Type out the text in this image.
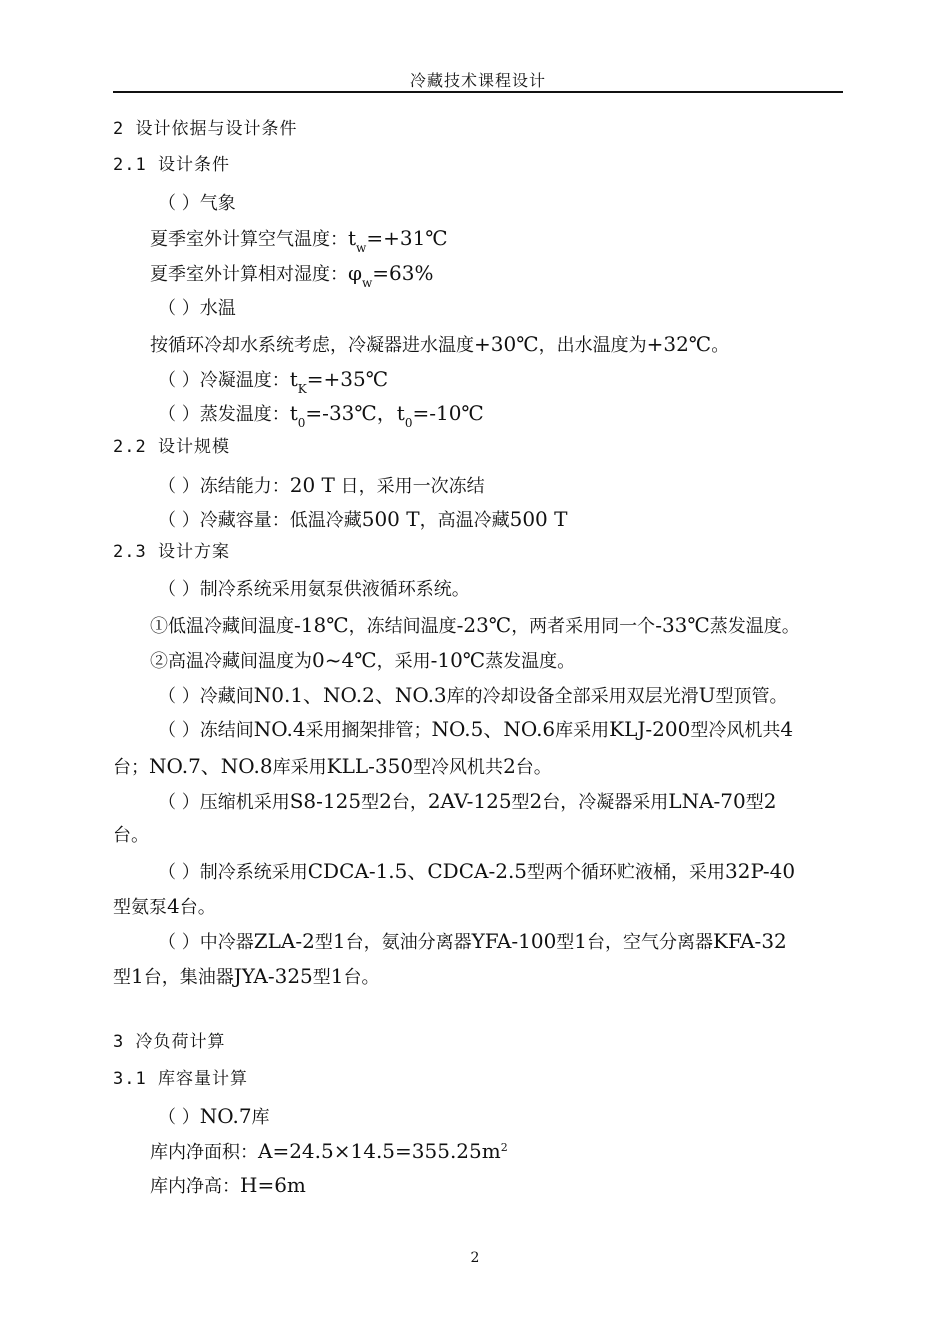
冷藏技术课程设计
2 设计依据与设计条件
2.1 设计条件
（ ）气象
夏季室外计算空气温度：$t_w=+31℃$
夏季室外计算相对湿度：$\varphi_w=63\%$
（ ）水温
按循环冷却水系统考虑，冷凝器进水温度+30℃，出水温度为+32℃。
（ ）冷凝温度：$t_K=+35℃$
（ ）蒸发温度：$t_0=-33℃$，$t_0=-10℃$
2.2 设计规模
（ ）冻结能力：20 T 日，采用一次冻结
（ ）冷藏容量：低温冷藏500 T，高温冷藏500 T
2.3 设计方案
（ ）制冷系统采用氨泵供液循环系统。
①低温冷藏间温度-18℃，冻结间温度-23℃，两者采用同一个-33℃蒸发温度。
②高温冷藏间温度为0~4℃，采用-10℃蒸发温度。
（ ）冷藏间N0.1、NO.2、NO.3库的冷却设备全部采用双层光滑U型顶管。
（ ）冻结间NO.4采用搁架排管；NO.5、NO.6库采用KLJ-200型冷风机共4
台；NO.7、NO.8库采用KLL-350型冷风机共2台。
（ ）压缩机采用S8-125型2台，2AV-125型2台，冷凝器采用LNA-70型2
台。
（ ）制冷系统采用CDCA-1.5、CDCA-2.5型两个循环贮液桶，采用32P-40
型氨泵4台。
（ ）中冷器ZLA-2型1台，氨油分离器YFA-100型1台，空气分离器KFA-32
型1台，集油器JYA-325型1台。
3 冷负荷计算
3.1 库容量计算
（ ）NO.7库
库内净面积：$A=24.5\times 14.5=355.25m^2$
库内净高：H=6m
2
